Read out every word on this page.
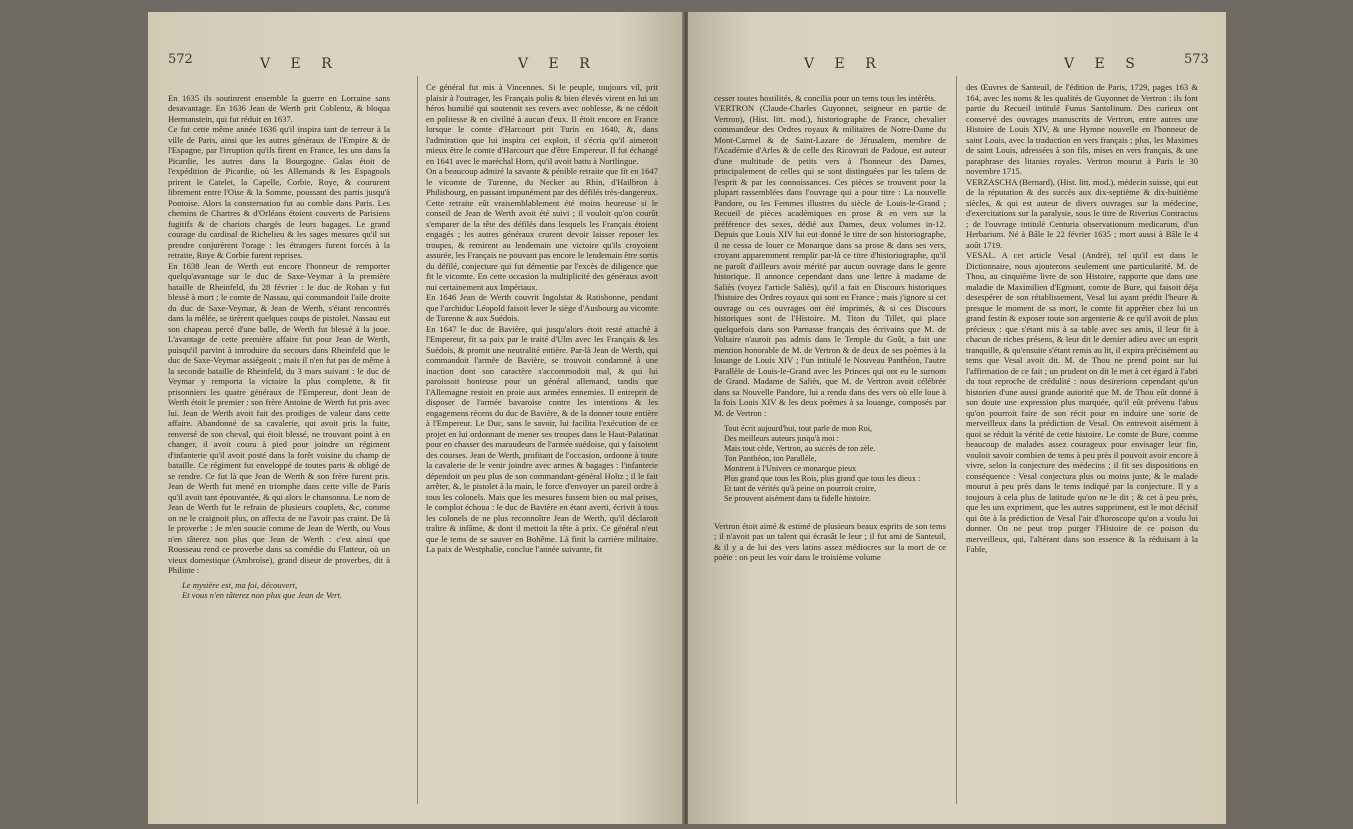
572	V E R	V E R

En 1635 ils soutinrent ensemble la guerre en Lorraine sans desavantage. En 1636 Jean de Werth prit Coblentz, & bloqua Hermanstein, qui fut réduit en 1637.
Ce fut cette même année 1636 qu'il inspira tant de terreur à la ville de Paris, ainsi que les autres généraux de l'Empire & de l'Espagne, par l'irruption qu'ils firent en France, les uns dans la Picardie, les autres dans la Bourgogne. Galas étoit de l'expédition de Picardie, où les Allemands & les Espagnols prirent le Catelet, la Capelle, Corbie, Roye, & coururent librement entre l'Oise & la Somme, poussant des partis jusqu'à Pontoise. Alors la consternation fut au comble dans Paris. Les chemins de Chartres & d'Orléans étoient couverts de Parisiens fugitifs & de chariots chargés de leurs bagages. Le grand courage du cardinal de Richelieu & les sages mesures qu'il sut prendre conjurèrent l'orage : les étrangers furent forcés à la retraite, Roye & Corbie furent reprises.
En 1638 Jean de Werth eut encore l'honneur de remporter quelqu'avantage sur le duc de Saxe-Veymar à la première bataille de Rheinfeld, du 28 février : le duc de Rohan y fut blessé à mort ; le comte de Nassau, qui commandoit l'aile droite du duc de Saxe-Veymar, & Jean de Werth, s'étant rencontrés dans la mêlée, se tirèrent quelques coups de pistolet. Nassau eut son chapeau percé d'une balle, de Werth fut blessé à la joue. L'avantage de cette première affaire fut pour Jean de Werth, puisqu'il parvint à introduire du secours dans Rheinfeld que le duc de Saxe-Veymar assiégeoit ; mais il n'en fut pas de même à la seconde bataille de Rheinfeld, du 3 mars suivant : le duc de Veymar y remporta la victoire la plus complette, & fit prisonniers les quatre généraux de l'Empereur, dont Jean de Werth étoit le premier : son frère Antoine de Werth fut pris avec lui. Jean de Werth avoit fait des prodiges de valeur dans cette affaire. Abandonné de sa cavalerie, qui avoit pris la fuite, renversé de son cheval, qui étoit blessé, ne trouvant point à en changer, il avoit couru à pied pour joindre un régiment d'infanterie qu'il avoit posté dans la forêt voisine du champ de bataille. Ce régiment fut enveloppé de toutes parts & obligé de se rendre. Ce fut là que Jean de Werth & son frère furent pris. Jean de Werth fut mené en triomphe dans cette ville de Paris qu'il avoit tant épouvantée, & qui alors le chansonna. Le nom de Jean de Werth fut le refrain de plusieurs couplets, &c, comme on ne le craignoit plus, on affecta de ne l'avoir pas craint. De là le proverbe : Je m'en soucie comme de Jean de Werth, ou Vous n'en tâterez non plus que Jean de Werth : c'est ainsi que Rousseau rend ce proverbe dans sa comédie du Flatteur, où un vieux domestique (Ambroise), grand diseur de proverbes, dit à Philinte :

Le mystère est, ma foi, découvert,
Et vous n'en tâterez non plus que Jean de Vert.

Ce général fut mis à Vincennes. Si le peuple, toujours vil, prit plaisir à l'outrager, les Français polis & bien élevés virent en lui un héros humilié qui soutenoit ses revers avec noblesse, & ne cédoit en politesse & en civilité à aucun d'eux. Il étoit encore en France lorsque le comte d'Harcourt prit Turin en 1640, &, dans l'admiration que lui inspira cet exploit, il s'écria qu'il aimeroit mieux être le comte d'Harcourt que d'être Empereur. Il fut échangé en 1641 avec le maréchal Horn, qu'il avoit battu à Nortlingue.
On a beaucoup admiré la savante & pénible retraite que fit en 1647 le vicomte de Turenne, du Necker au Rhin, d'Hailbron à Philisbourg, en passant impunément par des défilés très-dangereux. Cette retraite eût vraisemblablement été moins heureuse si le conseil de Jean de Werth avoit été suivi ; il vouloit qu'on courût s'emparer de la tête des défilés dans lesquels les Français étoient engagés ; les autres généraux crurent devoir laisser reposer les troupes, & remirent au lendemain une victoire qu'ils croyoient assurée, les Français ne pouvant pas encore le lendemain être sortis du défilé, conjecture qui fut démentie par l'excès de diligence que fit le vicomte. En cette occasion la multiplicité des généraux avoit nui certainement aux Impériaux.
En 1646 Jean de Werth couvrit Ingolstat & Ratisbonne, pendant que l'archiduc Léopold faisoit lever le siège d'Ausbourg au vicomte de Turenne & aux Suédois.
En 1647 le duc de Bavière, qui jusqu'alors étoit resté attaché à l'Empereur, fit sa paix par le traité d'Ulm avec les Français & les Suédois, & promit une neutralité entière. Par-là Jean de Werth, qui commandoit l'armée de Bavière, se trouvoit condamné à une inaction dont son caractère s'accommodoit mal, & qui lui paroissoit honteuse pour un général allemand, tandis que l'Allemagne restoit en proie aux armées ennemies. Il entreprit de disposer de l'armée bavaroise contre les intentions & les engagemens récens du duc de Bavière, & de la donner toute entière à l'Empereur. Le Duc, sans le savoir, lui facilita l'exécution de ce projet en lui ordonnant de mener ses troupes dans le Haut-Palatinat pour en chasser des maraudeurs de l'armée suédoise, qui y faisoient des courses. Jean de Werth, profitant de l'occasion, ordonne à toute la cavalerie de le venir joindre avec armes & bagages : l'infanterie dépendoit un peu plus de son commandant-général Holtz ; il le fait arrêter, &, le pistolet à la main, le force d'envoyer un pareil ordre à tous les colonels. Mais que les mesures fussent bien ou mal prises, le complot échoua : le duc de Bavière en étant averti, écrivit à tous les colonels de ne plus reconnoître Jean de Werth, qu'il déclaroit traître & infâme, & dont il mettoit la tête à prix. Ce général n'eut que le tems de se sauver en Bohême. Là finit la carrière militaire. La paix de Westphalie, conclue l'année suivante, fit
V E R	V E S	573

cesser toutes hostilités, & concilia pour un tems tous les intérêts.
VERTRON (Claude-Charles Guyonnet, seigneur en partie de Vertron), (Hist. litt. mod.), historiographe de France, chevalier commandeur des Ordres royaux & militaires de Notre-Dame du Mont-Carmel & de Saint-Lazare de Jérusalem, membre de l'Académie d'Arles & de celle des Ricovrati de Padoue, est auteur d'une multitude de petits vers à l'honneur des Dames, principalement de celles qui se sont distinguées par les talens de l'esprit & par les connoissances. Ces pièces se trouvent pour la plupart rassemblées dans l'ouvrage qui a pour titre : La nouvelle Pandore, ou les Femmes illustres du siècle de Louis-le-Grand ; Recueil de pièces académiques en prose & en vers sur la préférence des sexes, dédié aux Dames, deux volumes in-12. Depuis que Louis XIV lui eut donné le titre de son historiographe, il ne cessa de louer ce Monarque dans sa prose & dans ses vers, croyant apparemment remplir par-là ce titre d'historiographe, qu'il ne paroît d'ailleurs avoir mérité par aucun ouvrage dans le genre historique. Il annonce cependant dans une lettre à madame de Saliès (voyez l'article Saliès), qu'il a fait en Discours historiques l'histoire des Ordres royaux qui sont en France ; mais j'ignore si cet ouvrage ou ces ouvrages ont été imprimés, & si ces Discours historiques sont de l'Histoire. M. Titon du Tillet, qui place quelquefois dans son Parnasse français des écrivains que M. de Voltaire n'auroit pas admis dans le Temple du Goût, a fait une mention honorable de M. de Vertron & de deux de ses poèmes à la louange de Louis XIV ; l'un intitulé le Nouveau Panthéon, l'autre Parallèle de Louis-le-Grand avec les Princes qui ont eu le surnom de Grand. Madame de Saliès, que M. de Vertron avoit célébrée dans sa Nouvelle Pandore, lui a rendu dans des vers où elle loue à la fois Louis XIV & les deux poèmes à sa louange, composés par M. de Vertron :

Tout écrit aujourd'hui, tout parle de mon Roi,
Des meilleurs auteurs jusqu'à moi :
Mais tout cède, Vertron, au succès de ton zèle.
Ton Panthéon, ton Parallèle,
Montrent à l'Univers ce monarque pieux
Plus grand que tous les Rois, plus grand que tous les dieux :
Et tant de vérités qu'à peine on pourroit croire,
Se prouvent aisément dans ta fidelle histoire.

Vertron étoit aimé & estimé de plusieurs beaux esprits de son tems ; il n'avoit pas un talent qui écrasât le leur ; il fut ami de Santeuil, & il y a de lui des vers latins assez médiocres sur la mort de ce poète : on peut les voir dans le troisième volume

des Œuvres de Santeuil, de l'édition de Paris, 1729, pages 163 & 164, avec les noms & les qualités de Guyonnet de Vertron : ils font partie du Recueil intitulé Funus Santolinum. Des curieux ont conservé des ouvrages manuscrits de Vertron, entre autres une Histoire de Louis XIV, & une Hymne nouvelle en l'honneur de saint Louis, avec la traduction en vers français ; plus, les Maximes de saint Louis, adressées à son fils, mises en vers français, & une paraphrase des litanies royales. Vertron mourut à Paris le 30 novembre 1715.
VERZASCHA (Bernard), (Hist. litt. mod.), médecin suisse, qui eut de la réputation & des succès aux dix-septième & dix-huitième siècles, & qui est auteur de divers ouvrages sur la médecine, d'exercitations sur la paralysie, sous le titre de Riverius Contractus ; de l'ouvrage intitulé Centuria observationum medicarum, d'un Herbarium. Né à Bâle le 22 février 1635 ; mort aussi à Bâle le 4 août 1719.
VESAL. A cet article Vesal (André), tel qu'il est dans le Dictionnaire, nous ajouterons seulement une particularité. M. de Thou, au cinquième livre de son Histoire, rapporte que dans une maladie de Maximilien d'Egmont, comte de Bure, qui faisoit déja desespérer de son rétablissement, Vesal lui ayant prédit l'heure & presque le moment de sa mort, le comte fit apprêter chez lui un grand festin & exposer toute son argenterie & ce qu'il avoit de plus précieux : que s'étant mis à sa table avec ses amis, il leur fit à chacun de riches présens, & leur dit le dernier adieu avec un esprit tranquille, & qu'ensuite s'étant remis au lit, il expira précisément au tems que Vesal avoit dit. M. de Thou ne prend point sur lui l'affirmation de ce fait ; un prudent on dit le met à cet égard à l'abri du tout reproche de crédulité : nous desirerions cependant qu'un historien d'une aussi grande autorité que M. de Thou eût donné à son doute une expression plus marquée, qu'il eût prévenu l'abus qu'on pourroit faire de son récit pour en induire une sorte de merveilleux dans la prédiction de Vesal. On entrevoit aisément à quoi se réduit la vérité de cette histoire. Le comte de Bure, comme beaucoup de malades assez courageux pour envisager leur fin, vouloit savoir combien de tems à peu près il pouvoit avoir encore à vivre, selon la conjecture des médecins ; il fit ses dispositions en conséquence : Vesal conjectura plus ou moins juste, & le malade mourut à peu près dans le tems indiqué par la conjecture. Il y a toujours à cela plus de latitude qu'on ne le dit ; & cet à peu près, que les uns expriment, que les autres suppriment, est le mot décisif qui ôte à la prédiction de Vesal l'air d'horoscope qu'on a voulu lui donner. On ne peut trop purger l'Histoire de ce poison du merveilleux, qui, l'altérant dans son essence & la réduisant à la Fable,
